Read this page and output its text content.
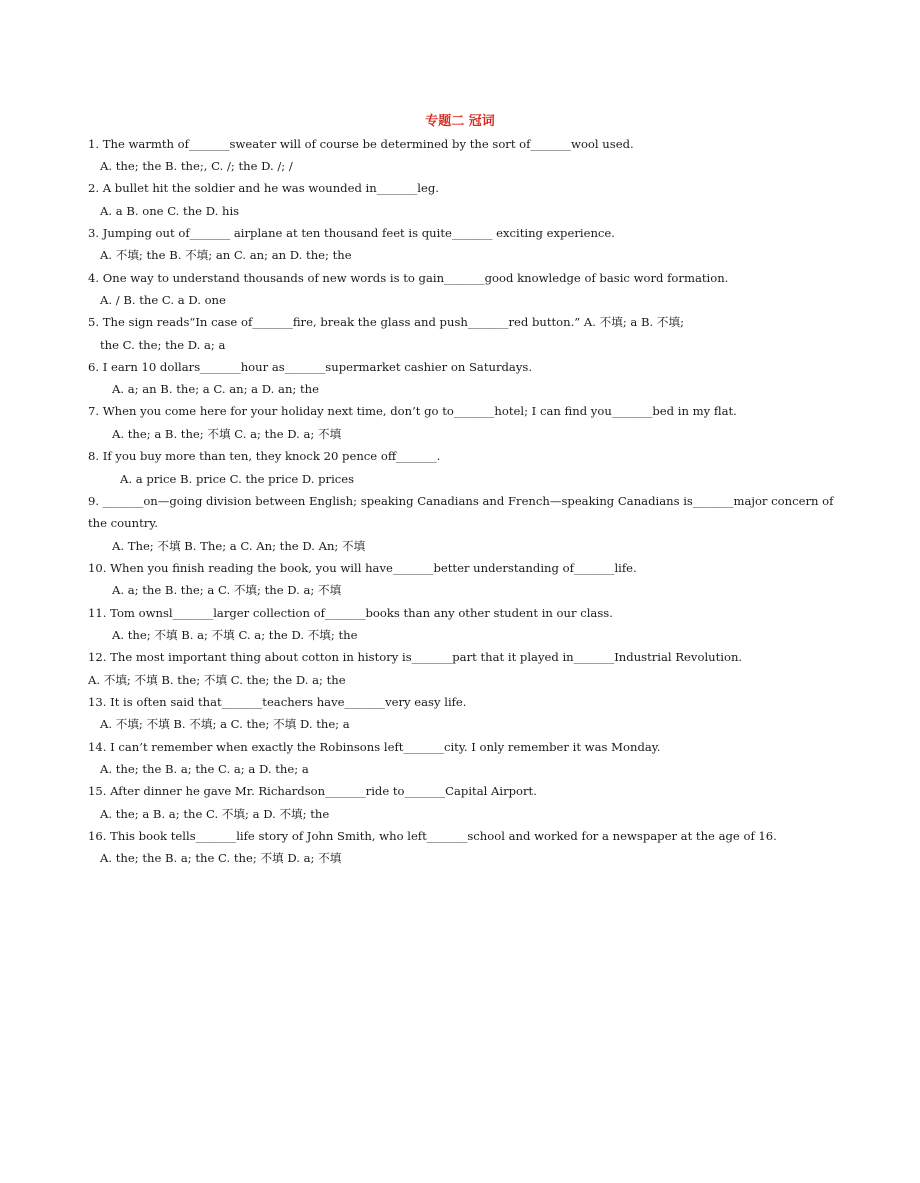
专题二 冠词
1. The warmth of_______sweater will of course be determined by the sort of_______wool used.
A. the; the B. the;, C. /; the D. /; /
2. A bullet hit the soldier and he was wounded in_______leg.
A. a B. one C. the D. his
3. Jumping out of_______ airplane at ten thousand feet is quite_______ exciting experience.
A. 不填; the B. 不填; an C. an; an D. the; the
4. One way to understand thousands of new words is to gain_______good knowledge of basic word formation.
A. / B. the C. a D. one
5. The sign reads“In case of_______fire, break the glass and push_______red button.” A. 不填; a B. 不填;
the C. the; the D. a; a
6. I earn 10 dollars_______hour as_______supermarket cashier on Saturdays.
A. a; an B. the; a C. an; a D. an; the
7. When you come here for your holiday next time, don’t go to_______hotel; I can find you_______bed in my flat.
A. the; a B. the; 不填 C. a; the D. a; 不填
8. If you buy more than ten, they knock 20 pence off_______.
A. a price B. price C. the price D. prices
9. _______on—going division between English; speaking Canadians and French—speaking Canadians is_______major concern of
the country.
A. The; 不填 B. The; a C. An; the D. An; 不填
10. When you finish reading the book, you will have_______better understanding of_______life.
A. a; the B. the; a C. 不填; the D. a; 不填
11. Tom ownsl_______larger collection of_______books than any other student in our class.
A. the; 不填 B. a; 不填 C. a; the D. 不填; the
12. The most important thing about cotton in history is_______part that it played in_______Industrial Revolution.
A. 不填; 不填 B. the; 不填 C. the; the D. a; the
13. It is often said that_______teachers have_______very easy life.
A. 不填; 不填 B. 不填; a C. the; 不填 D. the; a
14. I can’t remember when exactly the Robinsons left_______city. I only remember it was Monday.
A. the; the B. a; the C. a; a D. the; a
15. After dinner he gave Mr. Richardson_______ride to_______Capital Airport.
A. the; a B. a; the C. 不填; a D. 不填; the
16. This book tells_______life story of John Smith, who left_______school and worked for a newspaper at the age of 16.
A. the; the B. a; the C. the; 不填 D. a; 不填
